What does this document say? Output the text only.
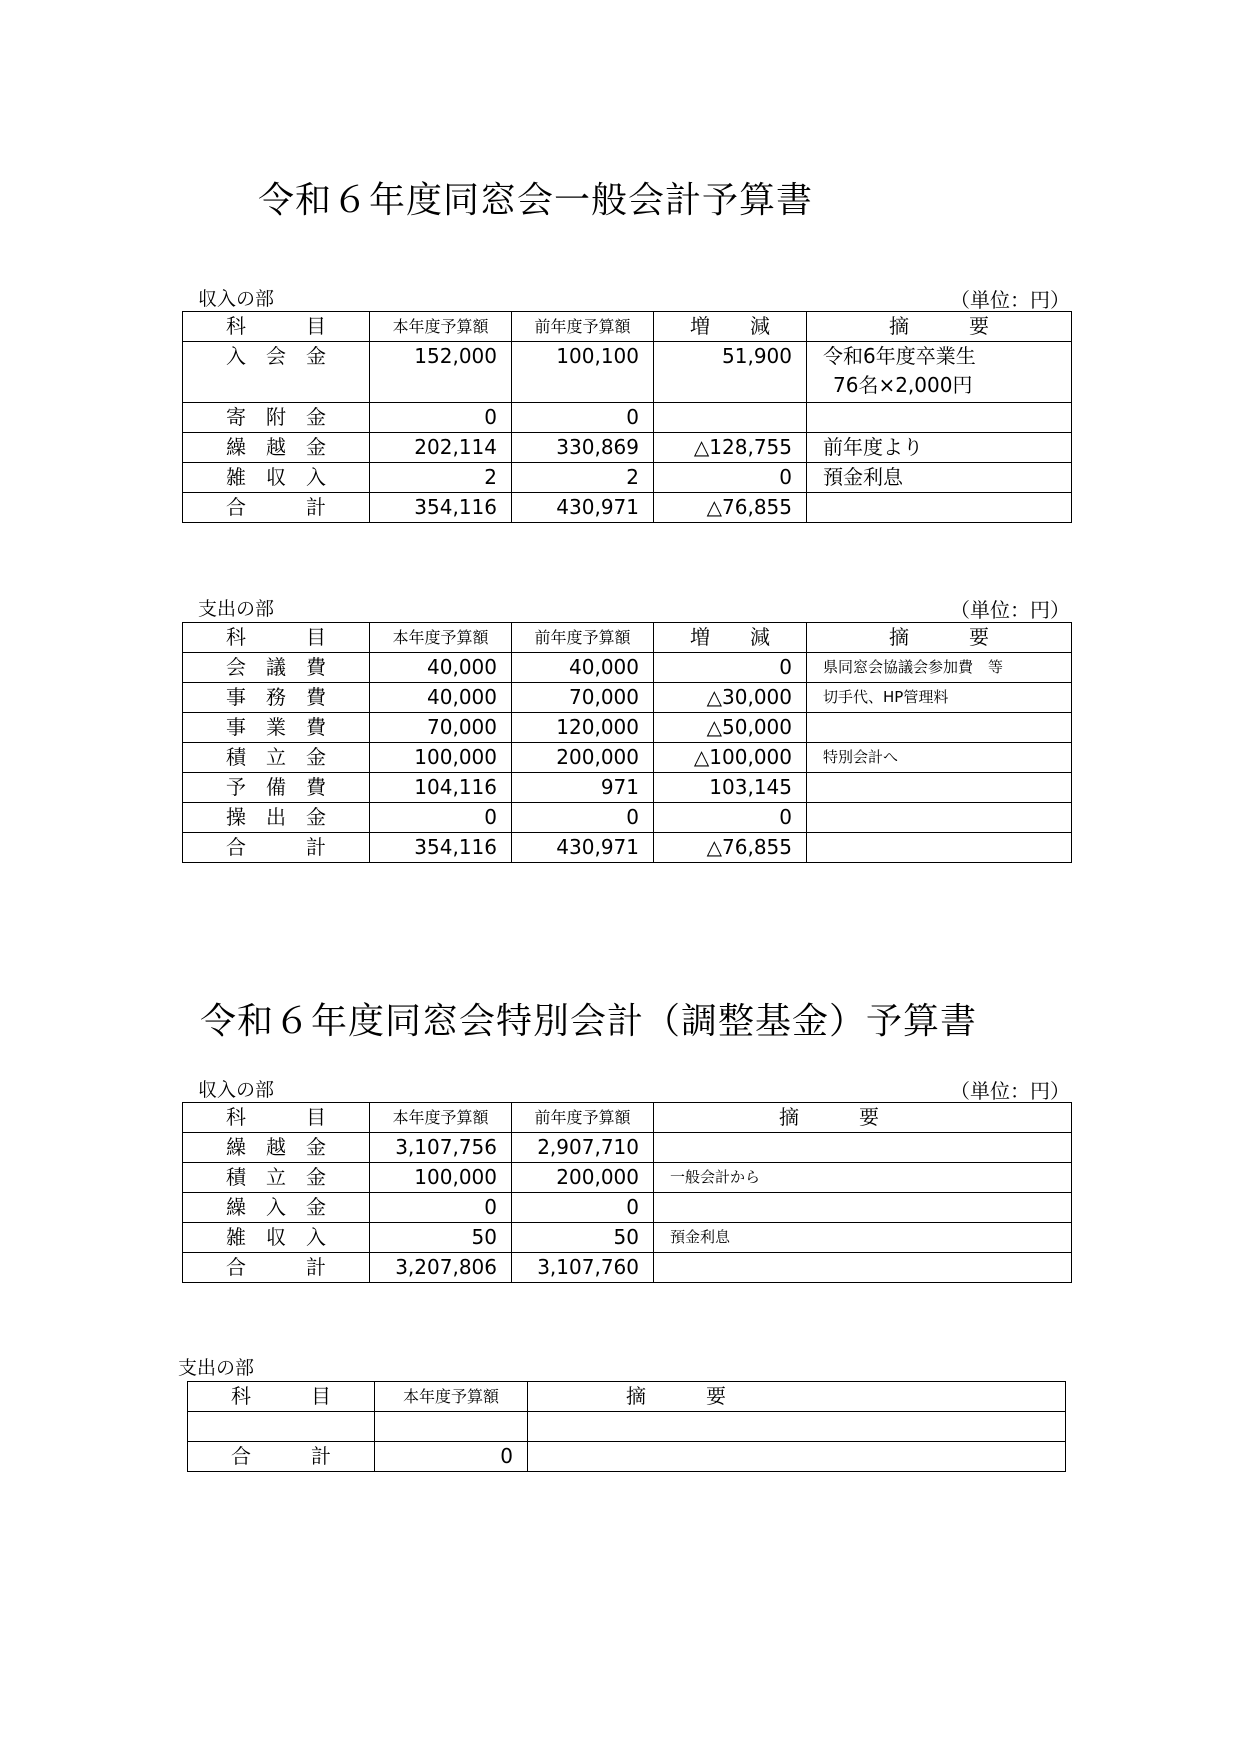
令和６年度同窓会一般会計予算書
収入の部	（単位：円）
科　　　目	本年度予算額	前年度予算額	増　　減	摘　　　要
入　会　金	152,000	100,100	51,900	令和6年度卒業生
76名×2,000円

寄　附　金	0	0		
繰　越　金	202,114	330,869	△128,755	前年度より
雑　収　入	2	2	0	預金利息
合　　　計	354,116	430,971	△76,855	
支出の部	（単位：円）
科　　　目	本年度予算額	前年度予算額	増　　減	摘　　　要
会　議　費	40,000	40,000	0	県同窓会協議会参加費　等
事　務　費	40,000	70,000	△30,000	切手代、HP管理料
事　業　費	70,000	120,000	△50,000	
積　立　金	100,000	200,000	△100,000	特別会計へ
予　備　費	104,116	971	103,145	
操　出　金	0	0	0	
合　　　計	354,116	430,971	△76,855	
令和６年度同窓会特別会計（調整基金）予算書
収入の部	（単位：円）
科　　　目	本年度予算額	前年度予算額	摘　　　要
繰　越　金	3,107,756	2,907,710	
積　立　金	100,000	200,000	一般会計から
繰　入　金	0	0	
雑　収　入	50	50	預金利息
合　　　計	3,207,806	3,107,760	
支出の部
科　　　目	本年度予算額	摘　　　要

合　　　計	0	
